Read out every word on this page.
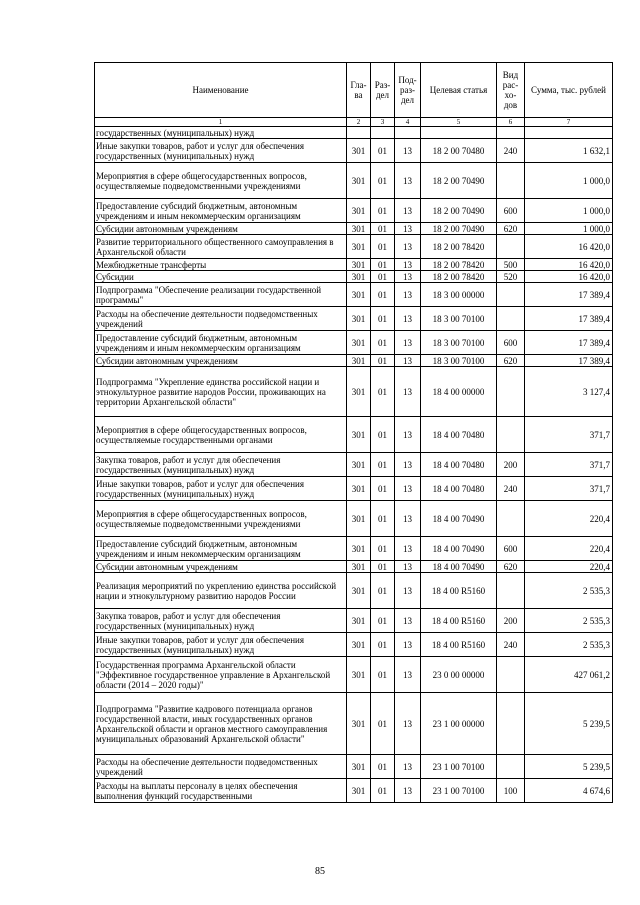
Наименование	Гла-ва	Раз-дел	Под-раз-дел	Целевая статья	Вид рас-хо-дов	Сумма, тыс. рублей
1	2	3	4	5	6	7
государственных (муниципальных) нужд						
Иные закупки товаров, работ и услуг для обеспечения государственных (муниципальных) нужд	301	01	13	18 2 00 70480	240	1 632,1
Мероприятия в сфере общегосударственных вопросов, осуществляемые подведомственными учреждениями	301	01	13	18 2 00 70490		1 000,0
Предоставление субсидий бюджетным, автономным учреждениям и иным некоммерческим организациям	301	01	13	18 2 00 70490	600	1 000,0
Субсидии автономным учреждениям	301	01	13	18 2 00 70490	620	1 000,0
Развитие территориального общественного самоуправления в Архангельской области	301	01	13	18 2 00 78420		16 420,0
Межбюджетные трансферты	301	01	13	18 2 00 78420	500	16 420,0
Субсидии	301	01	13	18 2 00 78420	520	16 420,0
Подпрограмма "Обеспечение реализации государственной программы"	301	01	13	18 3 00 00000		17 389,4
Расходы на обеспечение деятельности подведомственных учреждений	301	01	13	18 3 00 70100		17 389,4
Предоставление субсидий бюджетным, автономным учреждениям и иным некоммерческим организациям	301	01	13	18 3 00 70100	600	17 389,4
Субсидии автономным учреждениям	301	01	13	18 3 00 70100	620	17 389,4
Подпрограмма "Укрепление единства российской нации и этнокультурное развитие народов России, проживающих на территории Архангельской области"	301	01	13	18 4 00 00000		3 127,4
Мероприятия в сфере общегосударственных вопросов, осуществляемые государственными органами	301	01	13	18 4 00 70480		371,7
Закупка товаров, работ и услуг для обеспечения государственных (муниципальных) нужд	301	01	13	18 4 00 70480	200	371,7
Иные закупки товаров, работ и услуг для обеспечения государственных (муниципальных) нужд	301	01	13	18 4 00 70480	240	371,7
Мероприятия в сфере общегосударственных вопросов, осуществляемые подведомственными учреждениями	301	01	13	18 4 00 70490		220,4
Предоставление субсидий бюджетным, автономным учреждениям и иным некоммерческим организациям	301	01	13	18 4 00 70490	600	220,4
Субсидии автономным учреждениям	301	01	13	18 4 00 70490	620	220,4
Реализация мероприятий по укреплению единства российской нации и этнокультурному развитию народов России	301	01	13	18 4 00 R5160		2 535,3
Закупка товаров, работ и услуг для обеспечения государственных (муниципальных) нужд	301	01	13	18 4 00 R5160	200	2 535,3
Иные закупки товаров, работ и услуг для обеспечения государственных (муниципальных) нужд	301	01	13	18 4 00 R5160	240	2 535,3
Государственная программа Архангельской области "Эффективное государственное управление в Архангельской области (2014 – 2020 годы)"	301	01	13	23 0 00 00000		427 061,2
Подпрограмма "Развитие кадрового потенциала органов государственной власти, иных государственных органов Архангельской области и органов местного самоуправления муниципальных образований Архангельской области"	301	01	13	23 1 00 00000		5 239,5
Расходы на обеспечение деятельности подведомственных учреждений	301	01	13	23 1 00 70100		5 239,5
Расходы на выплаты персоналу в целях обеспечения выполнения функций государственными	301	01	13	23 1 00 70100	100	4 674,6
85
